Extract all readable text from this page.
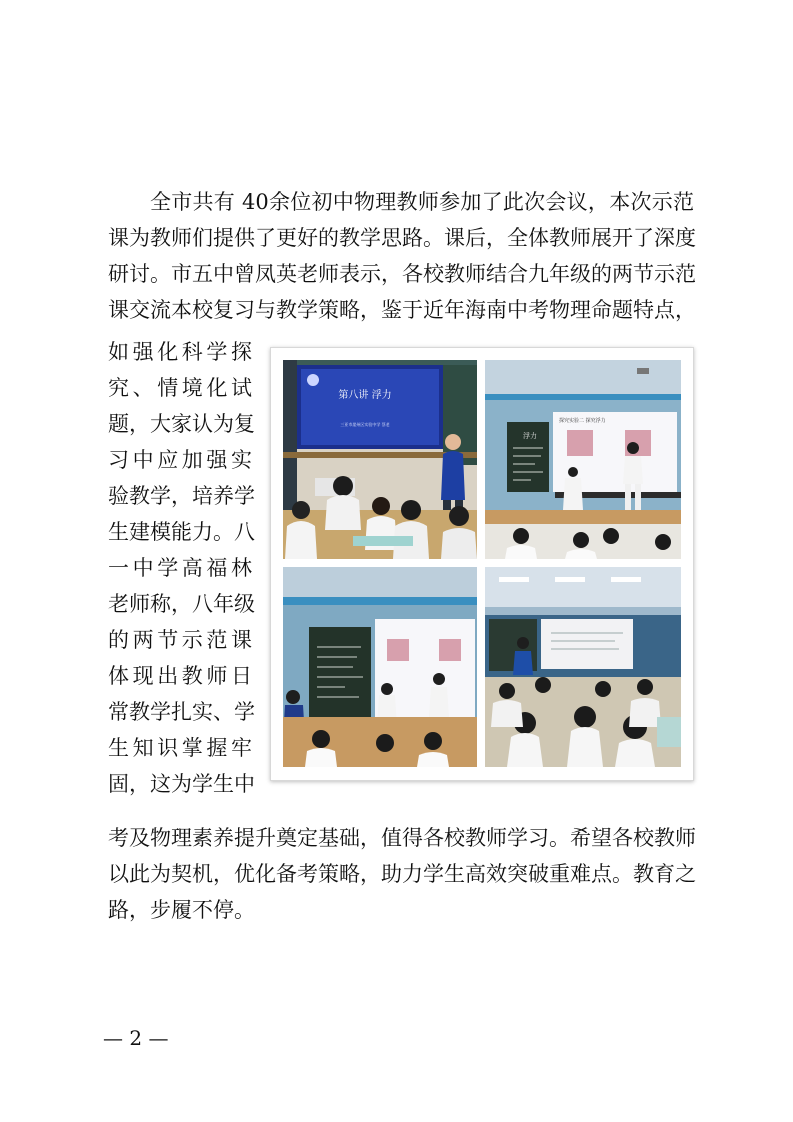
全市共有 40余位初中物理教师参加了此次会议，本次示范
课为教师们提供了更好的教学思路。课后，全体教师展开了深度
研讨。市五中曾凤英老师表示，各校教师结合九年级的两节示范
课交流本校复习与教学策略，鉴于近年海南中考物理命题特点，
如强化科学探
究、情境化试
题，大家认为复
习中应加强实
验教学，培养学
生建模能力。八
一中学高福林
老师称，八年级
的两节示范课
体现出教师日
常教学扎实、学
生知识掌握牢
固，这为学生中
第八讲 浮力
三亚市崖州区实验中学 蔡老
浮力
探究实验二 探究浮力
考及物理素养提升奠定基础，值得各校教师学习。希望各校教师
以此为契机，优化备考策略，助力学生高效突破重难点。教育之
路，步履不停。
— 2 —
